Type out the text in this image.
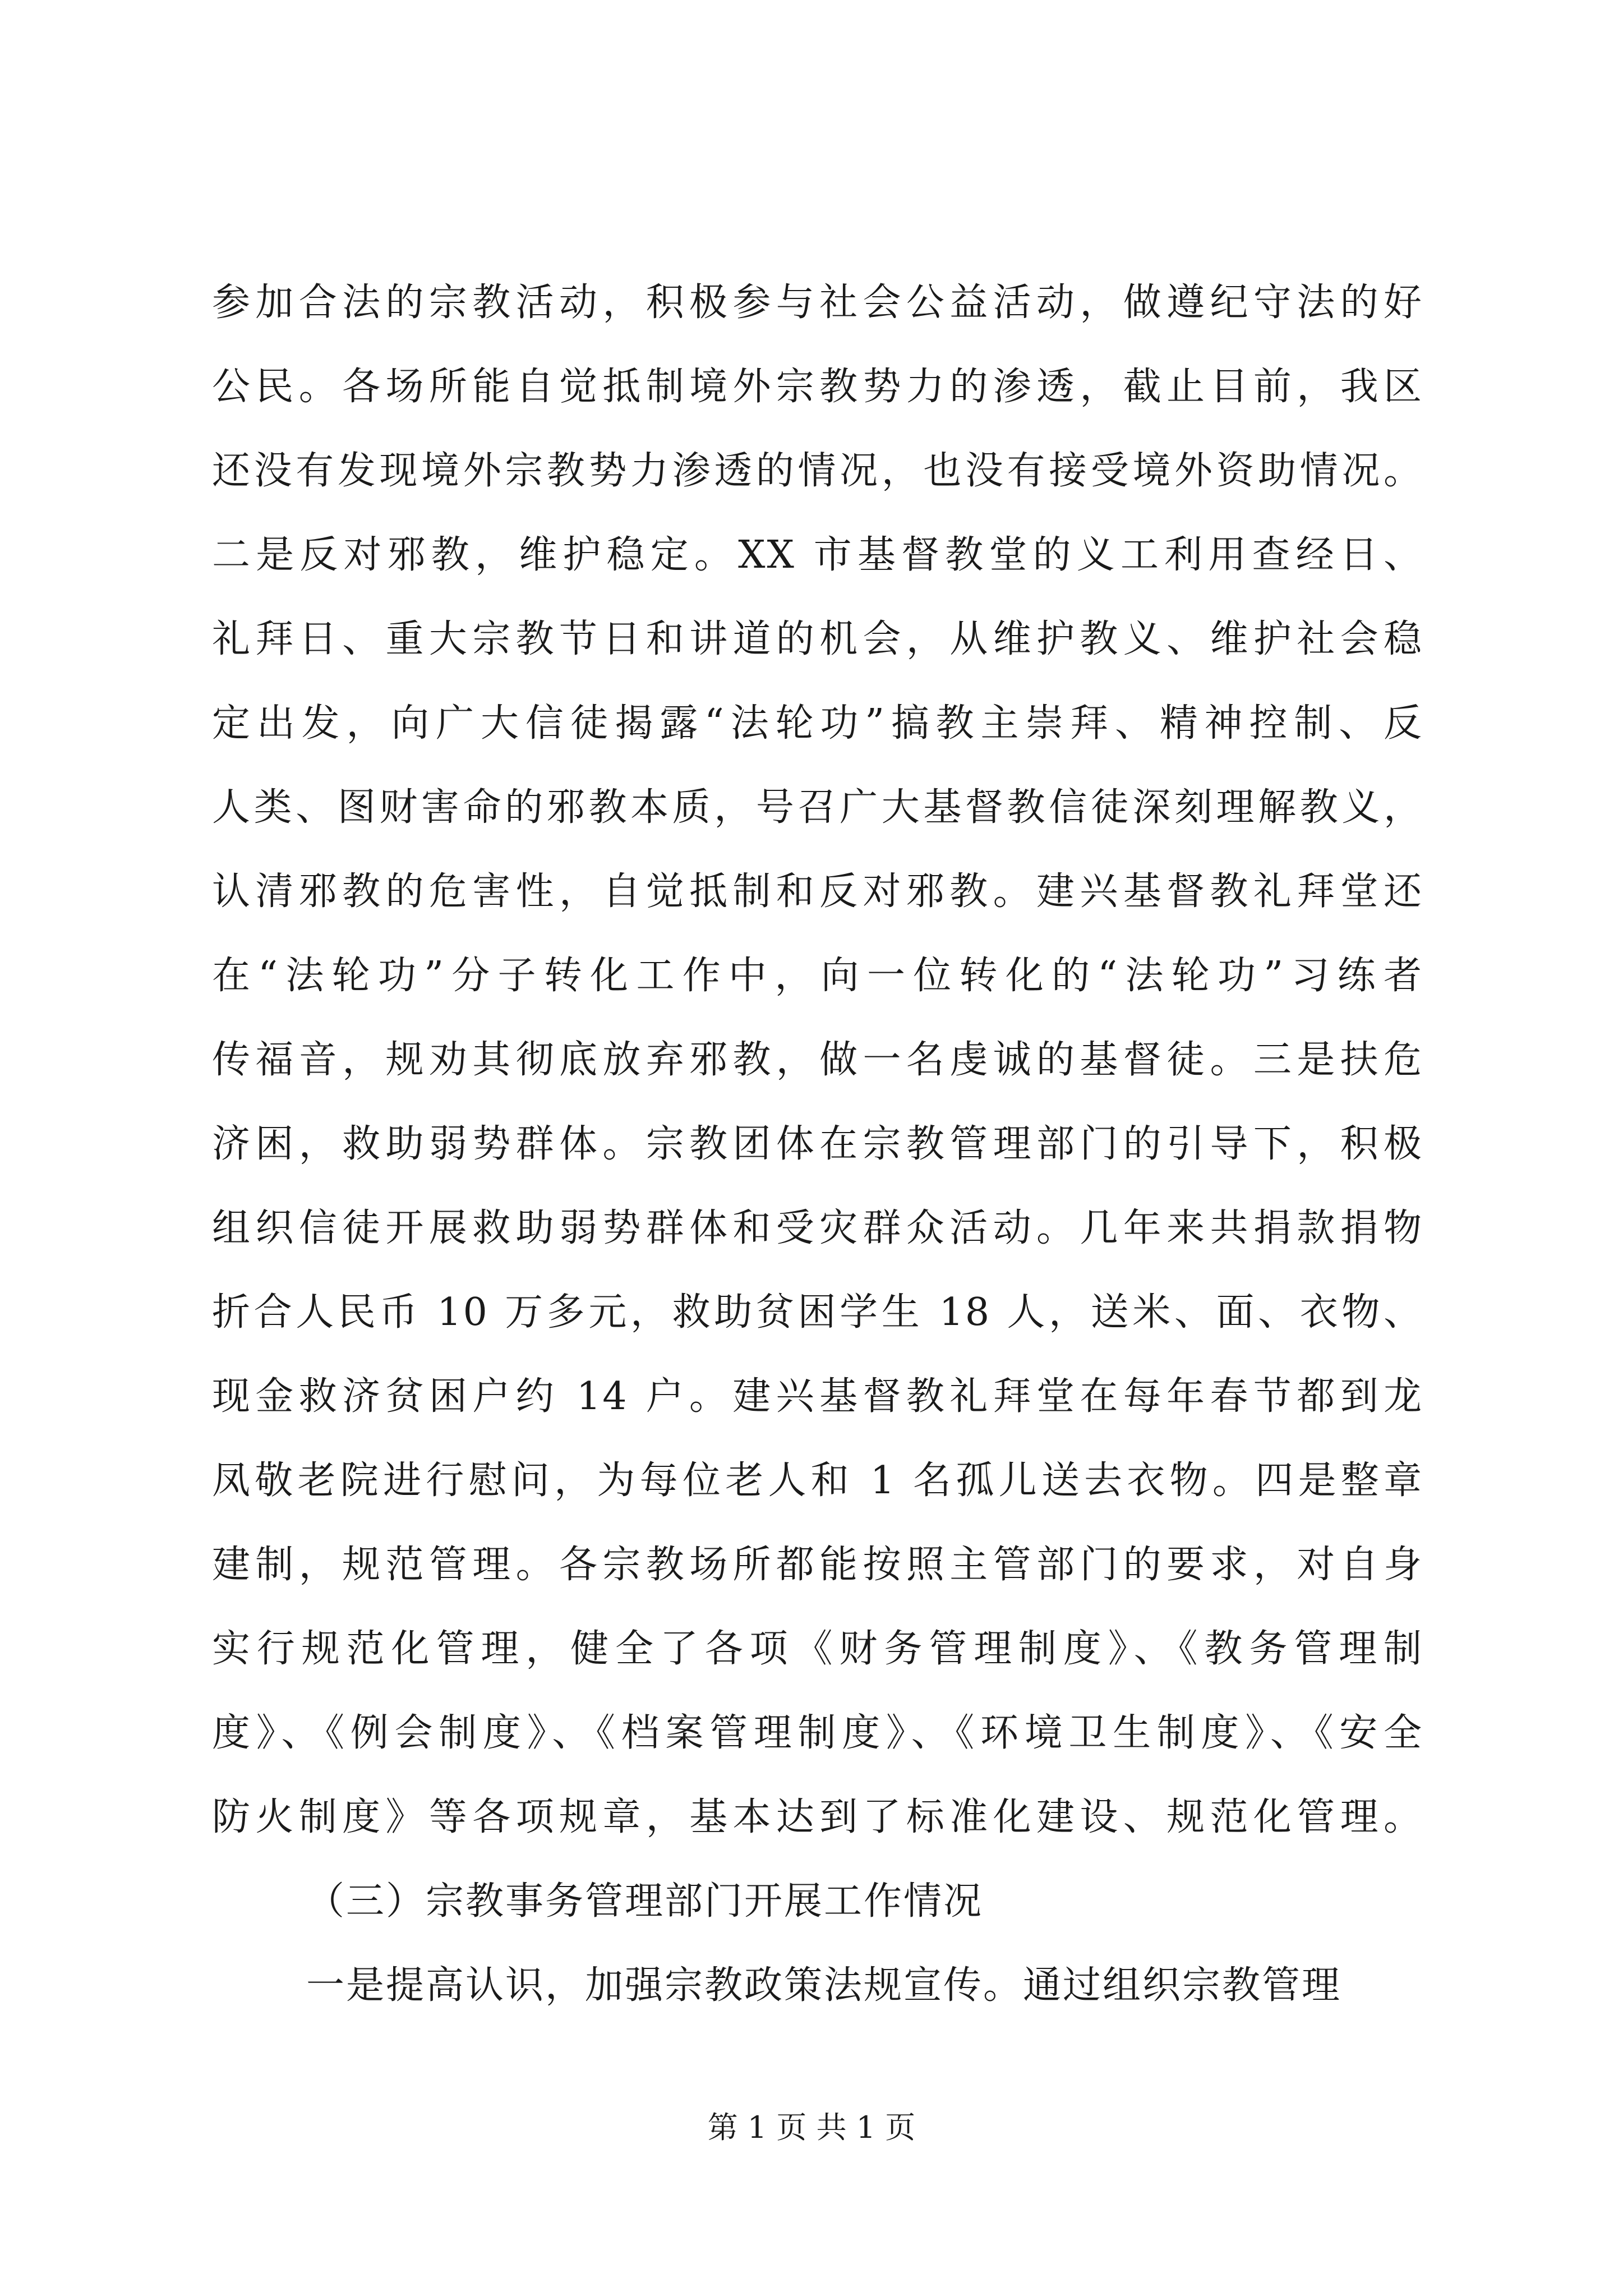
参加合法的宗教活动，积极参与社会公益活动，做遵纪守法的好
公民。各场所能自觉抵制境外宗教势力的渗透，截止目前，我区
还没有发现境外宗教势力渗透的情况，也没有接受境外资助情况。
二是反对邪教，维护稳定。XX 市基督教堂的义工利用查经日、
礼拜日、重大宗教节日和讲道的机会，从维护教义、维护社会稳
定出发，向广大信徒揭露“法轮功”搞教主崇拜、精神控制、反
人类、图财害命的邪教本质，号召广大基督教信徒深刻理解教义，
认清邪教的危害性，自觉抵制和反对邪教。建兴基督教礼拜堂还
在“法轮功”分子转化工作中，向一位转化的“法轮功”习练者
传福音，规劝其彻底放弃邪教，做一名虔诚的基督徒。三是扶危
济困，救助弱势群体。宗教团体在宗教管理部门的引导下，积极
组织信徒开展救助弱势群体和受灾群众活动。几年来共捐款捐物
折合人民币 10 万多元，救助贫困学生 18 人，送米、面、衣物、
现金救济贫困户约 14 户。建兴基督教礼拜堂在每年春节都到龙
凤敬老院进行慰问，为每位老人和 1 名孤儿送去衣物。四是整章
建制，规范管理。各宗教场所都能按照主管部门的要求，对自身
实行规范化管理，健全了各项《财务管理制度》、《教务管理制
度》、《例会制度》、《档案管理制度》、《环境卫生制度》、《安全
防火制度》等各项规章，基本达到了标准化建设、规范化管理。
（三）宗教事务管理部门开展工作情况
一是提高认识，加强宗教政策法规宣传。通过组织宗教管理
第 1 页 共 1 页
